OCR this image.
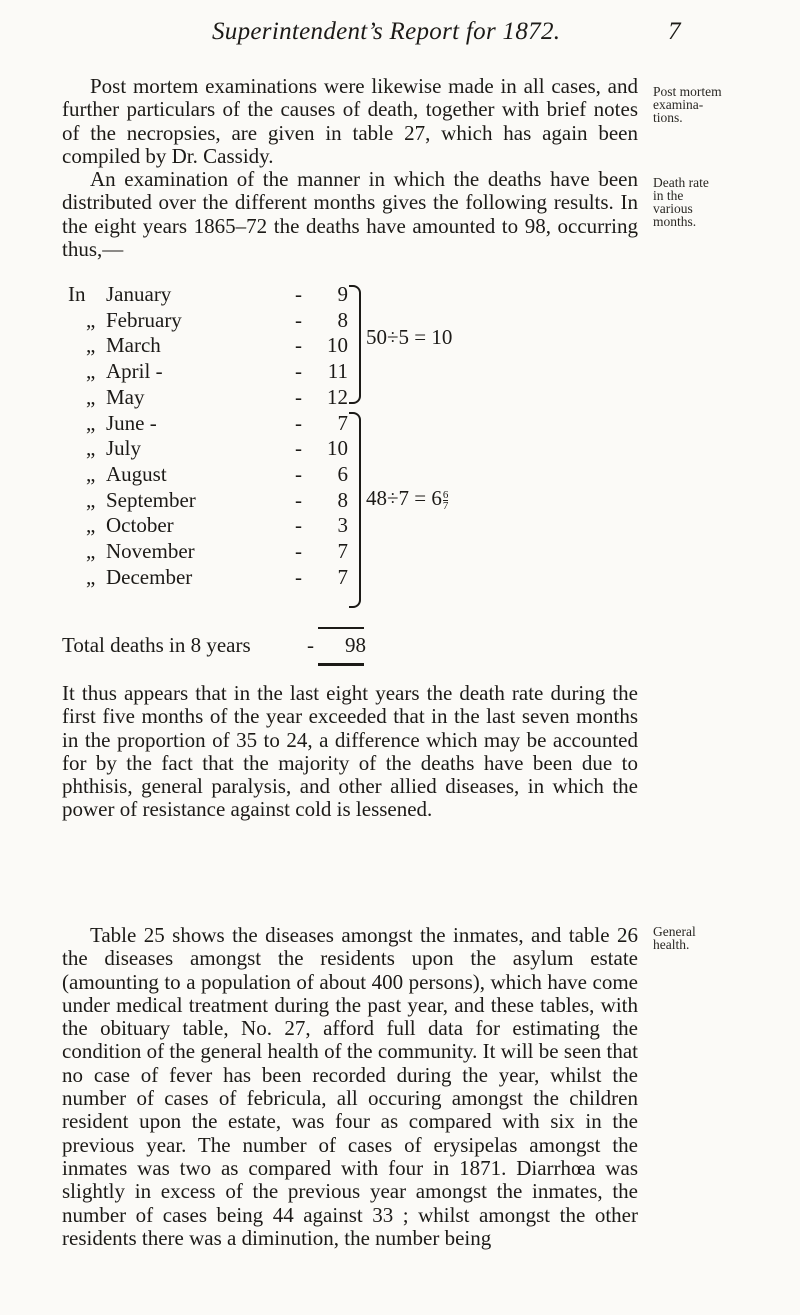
Superintendent’s Report for 1872.	7
Post mortem examinations were likewise made in all cases, and further particulars of the causes of death, together with brief notes of the necropsies, are given in table 27, which has again been compiled by Dr. Cassidy.
An examination of the manner in which the deaths have been distributed over the different months gives the following results. In the eight years 1865–72 the deaths have amounted to 98, occurring thus,—
Post mortem
examina-
tions.
Death rate
in the
various
months.
In January	-	9
„ February	-	8
„ March	-	10
„ April -	-	11
„ May	-	12
„ June -	-	7
„ July	-	10
„ August	-	6
„ September	-	8
„ October	-	3
„ November	-	7
„ December	-	7
50÷5 = 10
$48\div 7 = 6 \frac{6}{7}$
Total deaths in 8 years	-	98
It thus appears that in the last eight years the death rate during the first five months of the year exceeded that in the last seven months in the proportion of 35 to 24, a difference which may be accounted for by the fact that the majority of the deaths have been due to phthisis, general paralysis, and other allied diseases, in which the power of resistance against cold is lessened.
Table 25 shows the diseases amongst the inmates, and table 26 the diseases amongst the residents upon the asylum estate (amounting to a population of about 400 persons), which have come under medical treatment during the past year, and these tables, with the obituary table, No. 27, afford full data for estimating the condition of the general health of the community. It will be seen that no case of fever has been recorded during the year, whilst the number of cases of febricula, all occuring amongst the children resident upon the estate, was four as compared with six in the previous year. The number of cases of erysipelas amongst the inmates was two as compared with four in 1871. Diarrhœa was slightly in excess of the previous year amongst the inmates, the number of cases being 44 against 33 ; whilst amongst the other residents there was a diminution, the number being
General
health.
